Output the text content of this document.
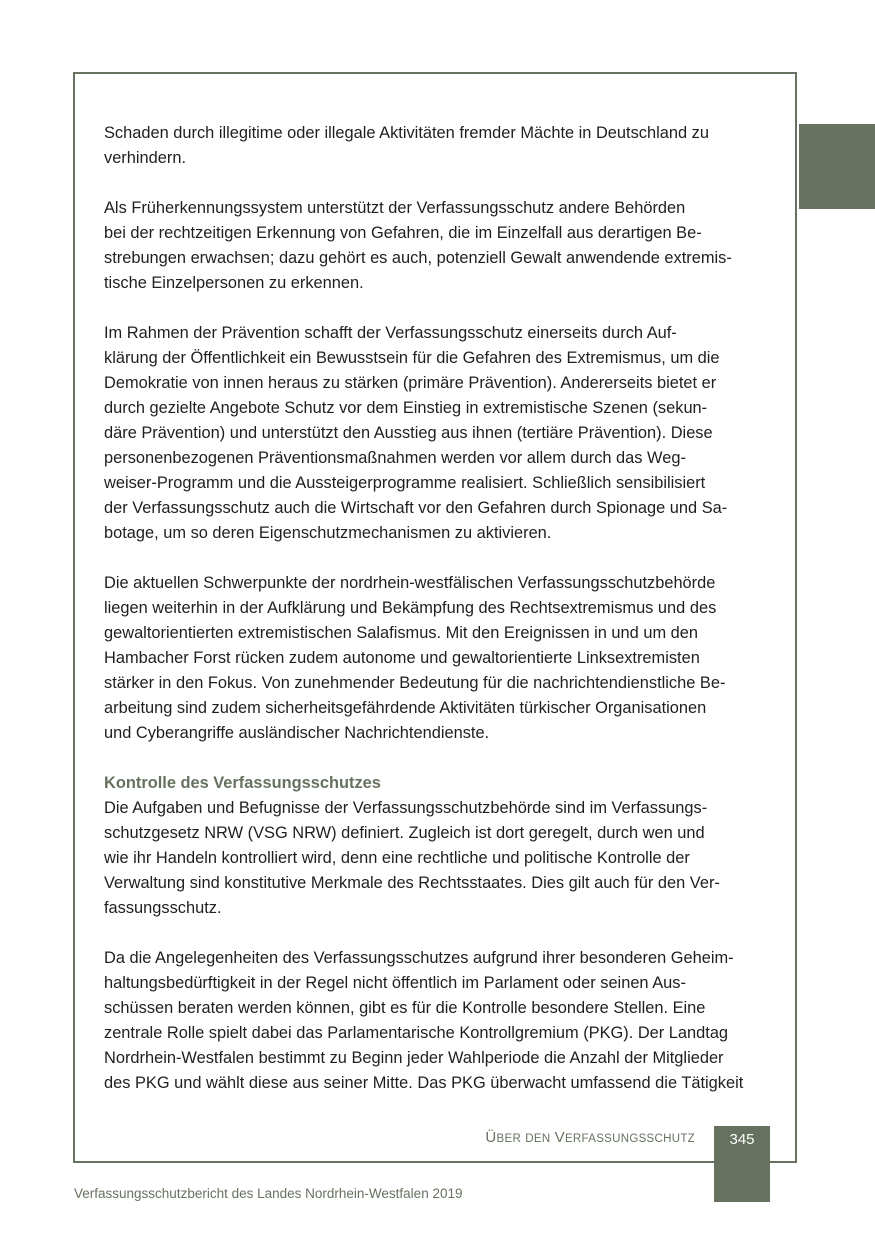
Schaden durch illegitime oder illegale Aktivitäten fremder Mächte in Deutschland zu
verhindern.

Als Früherkennungssystem unterstützt der Verfassungsschutz andere Behörden
bei der rechtzeitigen Erkennung von Gefahren, die im Einzelfall aus derartigen Be-
strebungen erwachsen; dazu gehört es auch, potenziell Gewalt anwendende extremis-
tische Einzelpersonen zu erkennen.

Im Rahmen der Prävention schafft der Verfassungsschutz einerseits durch Auf-
klärung der Öffentlichkeit ein Bewusstsein für die Gefahren des Extremismus, um die
Demokratie von innen heraus zu stärken (primäre Prävention). Andererseits bietet er
durch gezielte Angebote Schutz vor dem Einstieg in extremistische Szenen (sekun-
däre Prävention) und unterstützt den Ausstieg aus ihnen (tertiäre Prävention). Diese
personenbezogenen Präventionsmaßnahmen werden vor allem durch das Weg-
weiser-Programm und die Aussteigerprogramme realisiert. Schließlich sensibilisiert
der Verfassungsschutz auch die Wirtschaft vor den Gefahren durch Spionage und Sa-
botage, um so deren Eigenschutzmechanismen zu aktivieren.

Die aktuellen Schwerpunkte der nordrhein-westfälischen Verfassungsschutzbehörde
liegen weiterhin in der Aufklärung und Bekämpfung des Rechtsextremismus und des
gewaltorientierten extremistischen Salafismus. Mit den Ereignissen in und um den
Hambacher Forst rücken zudem autonome und gewaltorientierte Linksextremisten
stärker in den Fokus. Von zunehmender Bedeutung für die nachrichtendienstliche Be-
arbeitung sind zudem sicherheitsgefährdende Aktivitäten türkischer Organisationen
und Cyberangriffe ausländischer Nachrichtendienste.

Kontrolle des Verfassungsschutzes

Die Aufgaben und Befugnisse der Verfassungsschutzbehörde sind im Verfassungs-
schutzgesetz NRW (VSG NRW) definiert. Zugleich ist dort geregelt, durch wen und
wie ihr Handeln kontrolliert wird, denn eine rechtliche und politische Kontrolle der
Verwaltung sind konstitutive Merkmale des Rechtsstaates. Dies gilt auch für den Ver-
fassungsschutz.

Da die Angelegenheiten des Verfassungsschutzes aufgrund ihrer besonderen Geheim-
haltungsbedürftigkeit in der Regel nicht öffentlich im Parlament oder seinen Aus-
schüssen beraten werden können, gibt es für die Kontrolle besondere Stellen. Eine
zentrale Rolle spielt dabei das Parlamentarische Kontrollgremium (PKG). Der Landtag
Nordrhein-Westfalen bestimmt zu Beginn jeder Wahlperiode die Anzahl der Mitglieder
des PKG und wählt diese aus seiner Mitte. Das PKG überwacht umfassend die Tätigkeit

ÜBER DEN VERFASSUNGSSCHUTZ	345
Verfassungsschutzbericht des Landes Nordrhein-Westfalen 2019
